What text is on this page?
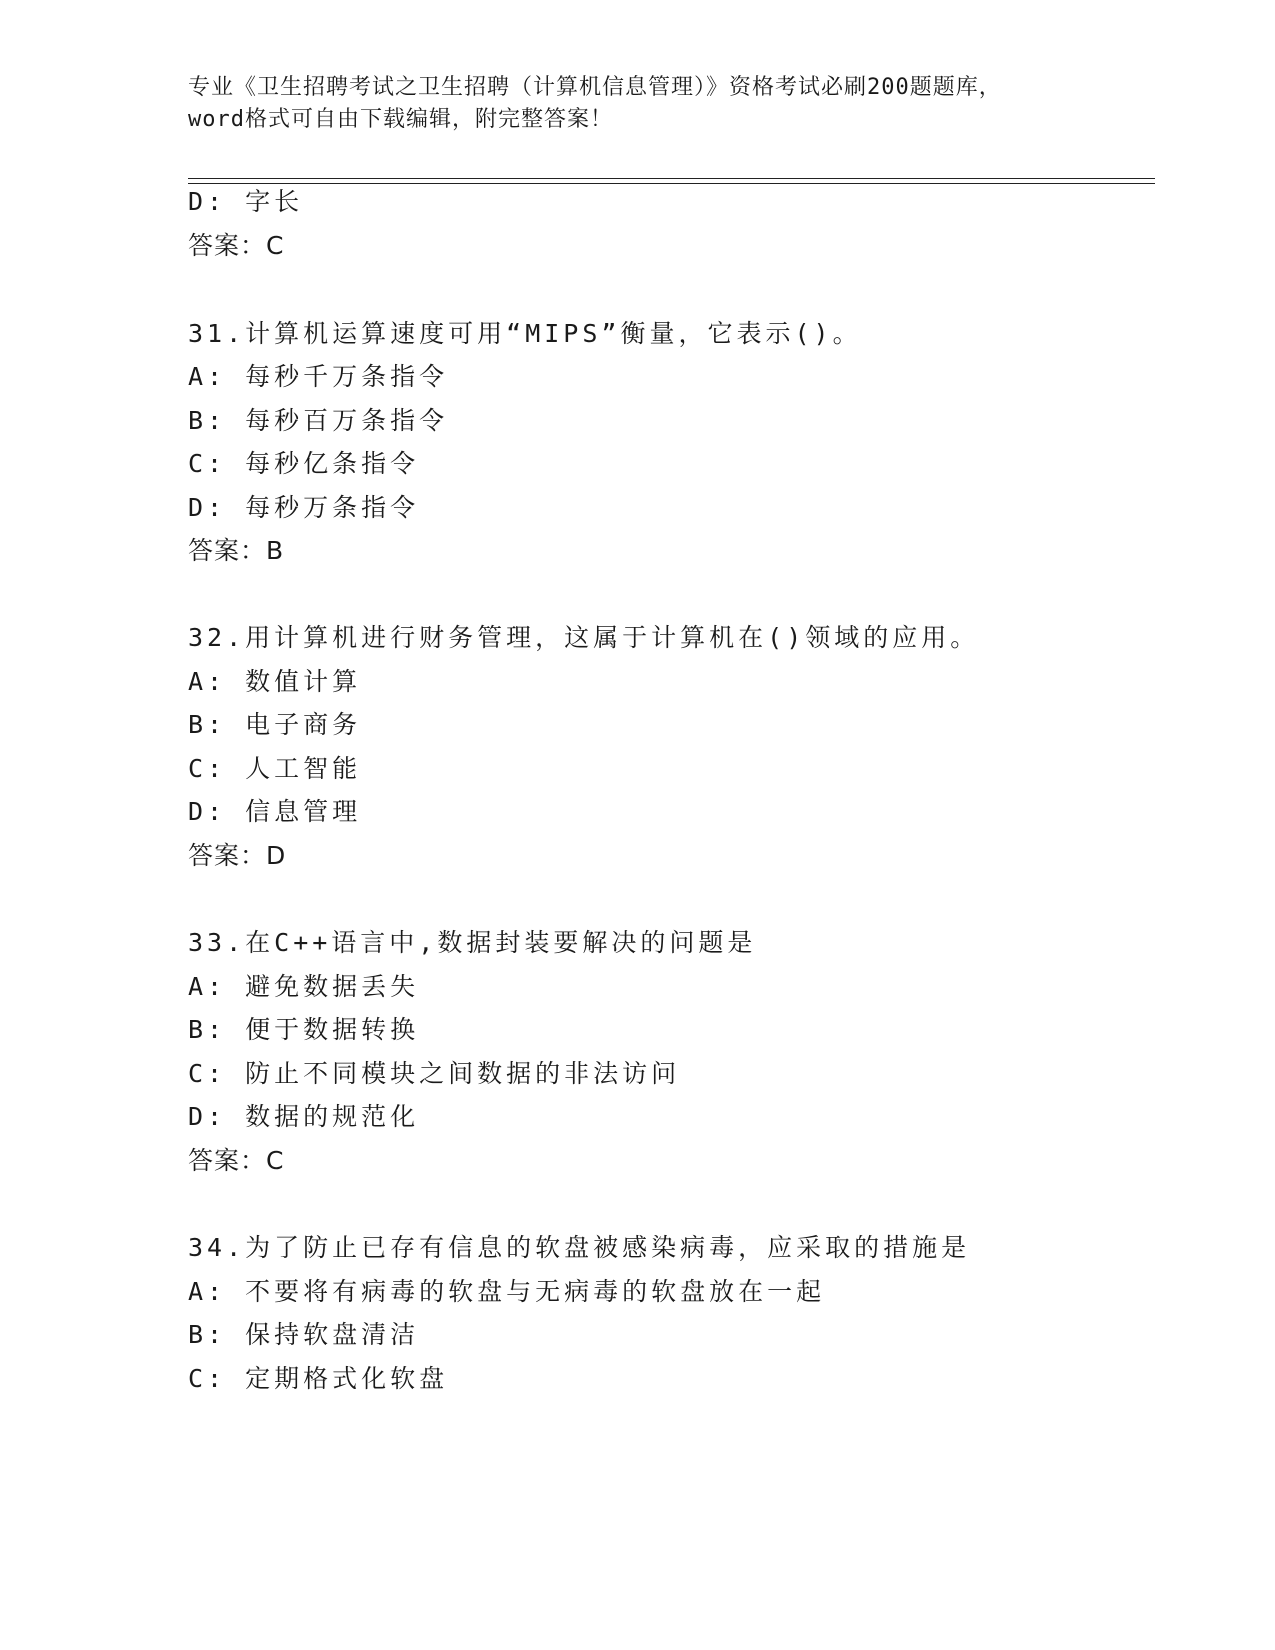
专业《卫生招聘考试之卫生招聘（计算机信息管理）》资格考试必刷200题题库，
word格式可自由下载编辑，附完整答案！
D: 字长
答案：C
31.计算机运算速度可用“MIPS”衡量，它表示()。
A: 每秒千万条指令
B: 每秒百万条指令
C: 每秒亿条指令
D: 每秒万条指令
答案：B
32.用计算机进行财务管理，这属于计算机在()领域的应用。
A: 数值计算
B: 电子商务
C: 人工智能
D: 信息管理
答案：D
33.在C++语言中,数据封装要解决的问题是
A: 避免数据丢失
B: 便于数据转换
C: 防止不同模块之间数据的非法访问
D: 数据的规范化
答案：C
34.为了防止已存有信息的软盘被感染病毒，应采取的措施是
A: 不要将有病毒的软盘与无病毒的软盘放在一起
B: 保持软盘清洁
C: 定期格式化软盘
